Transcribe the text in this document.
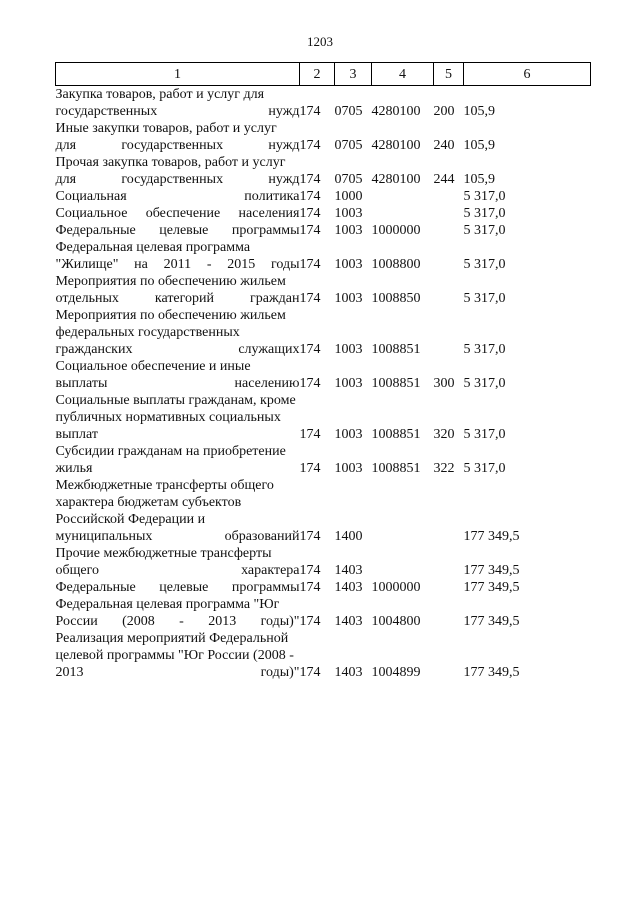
1203
1	2	3	4	5	6
Закупка товаров, работ и услуг для государственных нужд	174	0705	4280100	200	105,9
Иные закупки товаров, работ и услуг для государственных нужд	174	0705	4280100	240	105,9
Прочая закупка товаров, работ и услуг для государственных нужд	174	0705	4280100	244	105,9
Социальная политика	174	1000			5 317,0
Социальное обеспечение населения	174	1003			5 317,0
Федеральные целевые программы	174	1003	1000000		5 317,0
Федеральная целевая программа "Жилище" на 2011 - 2015 годы	174	1003	1008800		5 317,0
Мероприятия по обеспечению жильем отдельных категорий граждан	174	1003	1008850		5 317,0
Мероприятия по обеспечению жильем федеральных государственных гражданских служащих	174	1003	1008851		5 317,0
Социальное обеспечение и иные выплаты населению	174	1003	1008851	300	5 317,0
Социальные выплаты гражданам, кроме публичных нормативных социальных выплат	174	1003	1008851	320	5 317,0
Субсидии гражданам на приобретение жилья	174	1003	1008851	322	5 317,0
Межбюджетные трансферты общего характера бюджетам субъектов Российской Федерации и муниципальных образований	174	1400			177 349,5
Прочие межбюджетные трансферты общего характера	174	1403			177 349,5
Федеральные целевые программы	174	1403	1000000		177 349,5
Федеральная целевая программа "Юг России (2008 - 2013 годы)"	174	1403	1004800		177 349,5
Реализация мероприятий Федеральной целевой программы "Юг России (2008 - 2013 годы)"	174	1403	1004899		177 349,5
